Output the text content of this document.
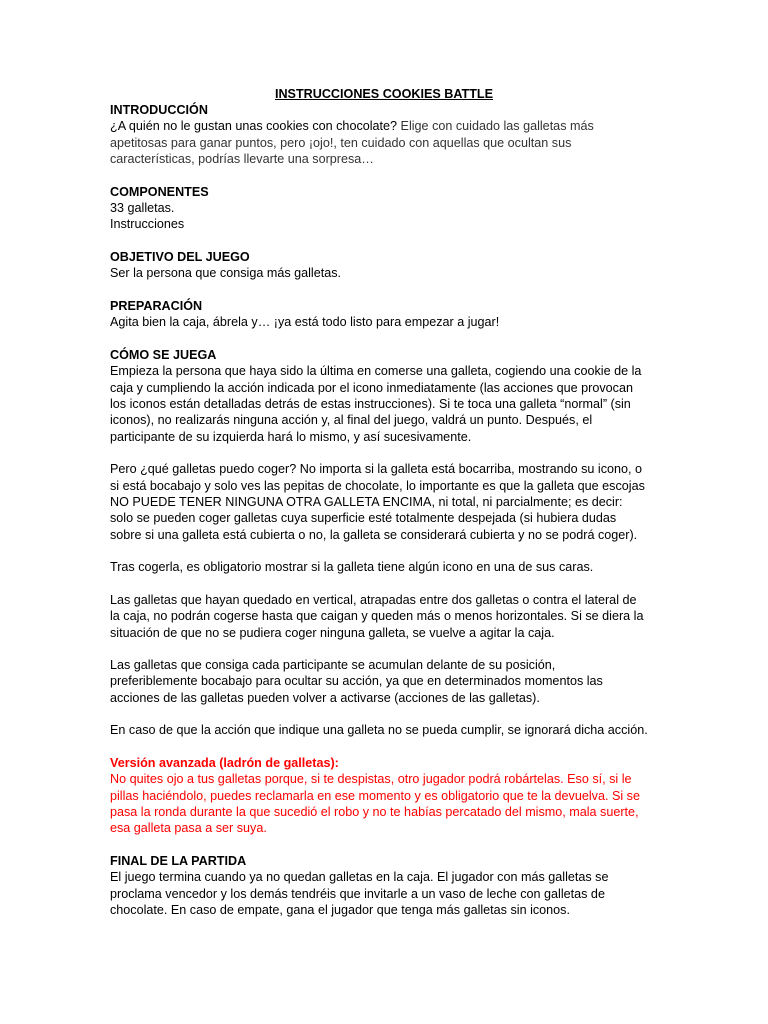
INSTRUCCIONES COOKIES BATTLE
INTRODUCCIÓN
¿A quién no le gustan unas cookies con chocolate? Elige con cuidado las galletas más
apetitosas para ganar puntos, pero ¡ojo!, ten cuidado con aquellas que ocultan sus
características, podrías llevarte una sorpresa…
COMPONENTES
33 galletas.
Instrucciones
OBJETIVO DEL JUEGO
Ser la persona que consiga más galletas.
PREPARACIÓN
Agita bien la caja, ábrela y… ¡ya está todo listo para empezar a jugar!
CÓMO SE JUEGA
Empieza la persona que haya sido la última en comerse una galleta, cogiendo una cookie de la
caja y cumpliendo la acción indicada por el icono inmediatamente (las acciones que provocan
los iconos están detalladas detrás de estas instrucciones). Si te toca una galleta “normal” (sin
iconos), no realizarás ninguna acción y, al final del juego, valdrá un punto. Después, el
participante de su izquierda hará lo mismo, y así sucesivamente.
Pero ¿qué galletas puedo coger? No importa si la galleta está bocarriba, mostrando su icono, o
si está bocabajo y solo ves las pepitas de chocolate, lo importante es que la galleta que escojas
NO PUEDE TENER NINGUNA OTRA GALLETA ENCIMA, ni total, ni parcialmente; es decir:
solo se pueden coger galletas cuya superficie esté totalmente despejada (si hubiera dudas
sobre si una galleta está cubierta o no, la galleta se considerará cubierta y no se podrá coger).
Tras cogerla, es obligatorio mostrar si la galleta tiene algún icono en una de sus caras.
Las galletas que hayan quedado en vertical, atrapadas entre dos galletas o contra el lateral de
la caja, no podrán cogerse hasta que caigan y queden más o menos horizontales. Si se diera la
situación de que no se pudiera coger ninguna galleta, se vuelve a agitar la caja.
Las galletas que consiga cada participante se acumulan delante de su posición,
preferiblemente bocabajo para ocultar su acción, ya que en determinados momentos las
acciones de las galletas pueden volver a activarse (acciones de las galletas).
En caso de que la acción que indique una galleta no se pueda cumplir, se ignorará dicha acción.
Versión avanzada (ladrón de galletas):
No quites ojo a tus galletas porque, si te despistas, otro jugador podrá robártelas. Eso sí, si le
pillas haciéndolo, puedes reclamarla en ese momento y es obligatorio que te la devuelva. Si se
pasa la ronda durante la que sucedió el robo y no te habías percatado del mismo, mala suerte,
esa galleta pasa a ser suya.
FINAL DE LA PARTIDA
El juego termina cuando ya no quedan galletas en la caja. El jugador con más galletas se
proclama vencedor y los demás tendréis que invitarle a un vaso de leche con galletas de
chocolate. En caso de empate, gana el jugador que tenga más galletas sin iconos.
